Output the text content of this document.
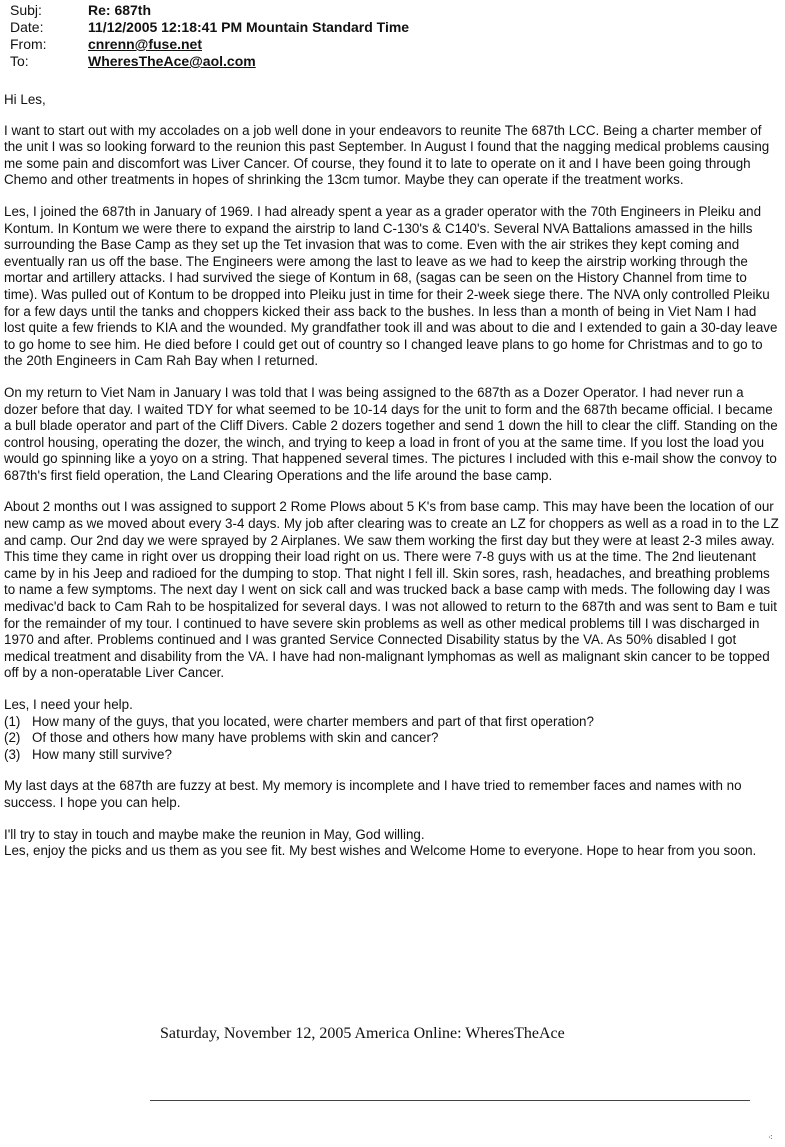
Subj:	Re: 687th
Date:	11/12/2005 12:18:41 PM Mountain Standard Time
From:	cnrenn@fuse.net
To:	WheresTheAce@aol.com

Hi Les,

I want to start out with my accolades on a job well done in your endeavors to reunite The 687th LCC. Being a charter member of the unit I was so looking forward to the reunion this past September. In August I found that the nagging medical problems causing me some pain and discomfort was Liver Cancer. Of course, they found it to late to operate on it and I have been going through Chemo and other treatments in hopes of shrinking the 13cm tumor. Maybe they can operate if the treatment works.

Les, I joined the 687th in January of 1969. I had already spent a year as a grader operator with the 70th Engineers in Pleiku and Kontum. In Kontum we were there to expand the airstrip to land C-130's & C140's. Several NVA Battalions amassed in the hills surrounding the Base Camp as they set up the Tet invasion that was to come. Even with the air strikes they kept coming and eventually ran us off the base. The Engineers were among the last to leave as we had to keep the airstrip working through the mortar and artillery attacks. I had survived the siege of Kontum in 68, (sagas can be seen on the History Channel from time to time). Was pulled out of Kontum to be dropped into Pleiku just in time for their 2-week siege there. The NVA only controlled Pleiku for a few days until the tanks and choppers kicked their ass back to the bushes. In less than a month of being in Viet Nam I had lost quite a few friends to KIA and the wounded. My grandfather took ill and was about to die and I extended to gain a 30-day leave to go home to see him. He died before I could get out of country so I changed leave plans to go home for Christmas and to go to the 20th Engineers in Cam Rah Bay when I returned.

On my return to Viet Nam in January I was told that I was being assigned to the 687th as a Dozer Operator. I had never run a dozer before that day. I waited TDY for what seemed to be 10-14 days for the unit to form and the 687th became official. I became a bull blade operator and part of the Cliff Divers. Cable 2 dozers together and send 1 down the hill to clear the cliff. Standing on the control housing, operating the dozer, the winch, and trying to keep a load in front of you at the same time. If you lost the load you would go spinning like a yoyo on a string. That happened several times. The pictures I included with this e-mail show the convoy to 687th's first field operation, the Land Clearing Operations and the life around the base camp.

About 2 months out I was assigned to support 2 Rome Plows about 5 K's from base camp. This may have been the location of our new camp as we moved about every 3-4 days. My job after clearing was to create an LZ for choppers as well as a road in to the LZ and camp. Our 2nd day we were sprayed by 2 Airplanes. We saw them working the first day but they were at least 2-3 miles away. This time they came in right over us dropping their load right on us. There were 7-8 guys with us at the time. The 2nd lieutenant came by in his Jeep and radioed for the dumping to stop. That night I fell ill. Skin sores, rash, headaches, and breathing problems to name a few symptoms. The next day I went on sick call and was trucked back a base camp with meds. The following day I was medivac'd back to Cam Rah to be hospitalized for several days. I was not allowed to return to the 687th and was sent to Bam e tuit for the remainder of my tour. I continued to have severe skin problems as well as other medical problems till I was discharged in 1970 and after. Problems continued and I was granted Service Connected Disability status by the VA. As 50% disabled I got medical treatment and disability from the VA. I have had non-malignant lymphomas as well as malignant skin cancer to be topped off by a non-operatable Liver Cancer.

Les, I need your help.
(1) How many of the guys, that you located, were charter members and part of that first operation?
(2) Of those and others how many have problems with skin and cancer?
(3) How many still survive?

My last days at the 687th are fuzzy at best. My memory is incomplete and I have tried to remember faces and names with no success. I hope you can help.

I'll try to stay in touch and maybe make the reunion in May, God willing.
Les, enjoy the picks and us them as you see fit. My best wishes and Welcome Home to everyone. Hope to hear from you soon.
Saturday, November 12, 2005 America Online: WheresTheAce
⁖
